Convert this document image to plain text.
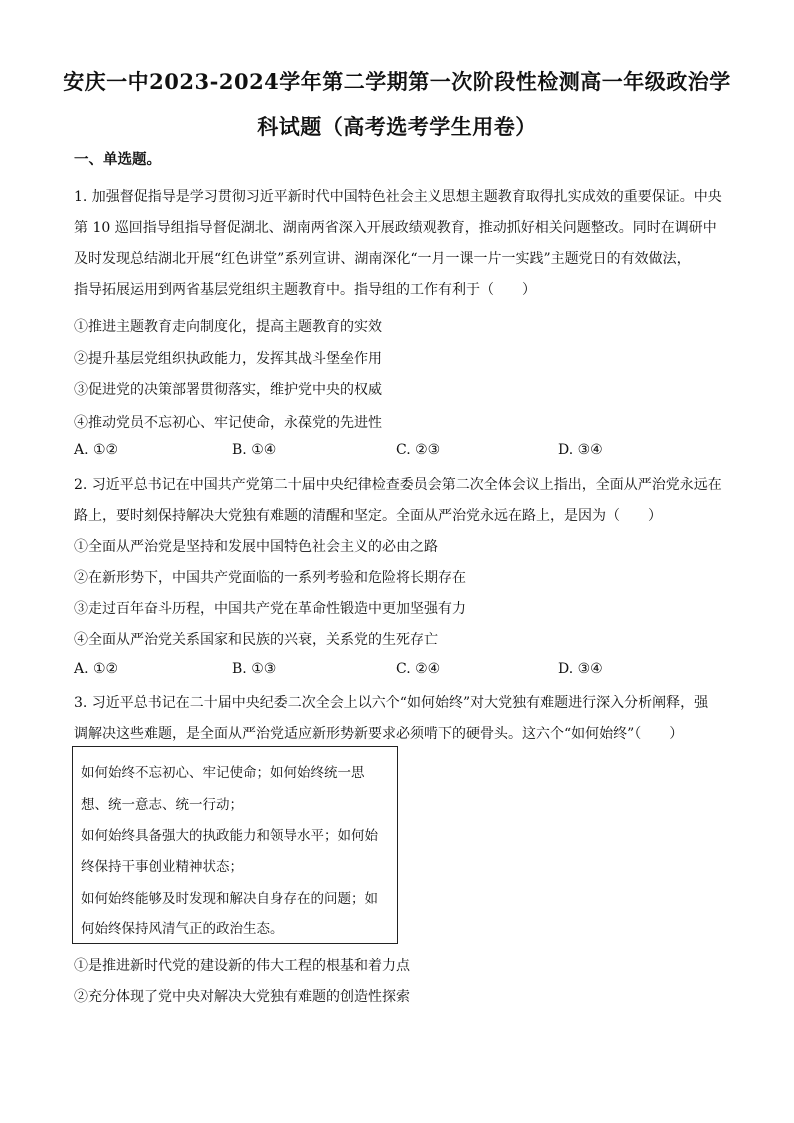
安庆一中2023-2024学年第二学期第一次阶段性检测高一年级政治学
科试题（高考选考学生用卷）
一、单选题。
1. 加强督促指导是学习贯彻习近平新时代中国特色社会主义思想主题教育取得扎实成效的重要保证。中央
第 10 巡回指导组指导督促湖北、湖南两省深入开展政绩观教育，推动抓好相关问题整改。同时在调研中
及时发现总结湖北开展“红色讲堂”系列宣讲、湖南深化“一月一课一片一实践”主题党日的有效做法，
指导拓展运用到两省基层党组织主题教育中。指导组的工作有利于（　　）
①推进主题教育走向制度化，提高主题教育的实效
②提升基层党组织执政能力，发挥其战斗堡垒作用
③促进党的决策部署贯彻落实，维护党中央的权威
④推动党员不忘初心、牢记使命，永葆党的先进性
A. ①②	B. ①④	C. ②③	D. ③④
2. 习近平总书记在中国共产党第二十届中央纪律检查委员会第二次全体会议上指出，全面从严治党永远在
路上，要时刻保持解决大党独有难题的清醒和坚定。全面从严治党永远在路上，是因为（　　）
①全面从严治党是坚持和发展中国特色社会主义的必由之路
②在新形势下，中国共产党面临的一系列考验和危险将长期存在
③走过百年奋斗历程，中国共产党在革命性锻造中更加坚强有力
④全面从严治党关系国家和民族的兴衰，关系党的生死存亡
A. ①②	B. ①③	C. ②④	D. ③④
3. 习近平总书记在二十届中央纪委二次全会上以六个“如何始终”对大党独有难题进行深入分析阐释，强
调解决这些难题，是全面从严治党适应新形势新要求必须啃下的硬骨头。这六个“如何始终”（　　）
如何始终不忘初心、牢记使命；如何始终统一思
想、统一意志、统一行动；
如何始终具备强大的执政能力和领导水平；如何始
终保持干事创业精神状态；
如何始终能够及时发现和解决自身存在的问题；如
何始终保持风清气正的政治生态。
①是推进新时代党的建设新的伟大工程的根基和着力点
②充分体现了党中央对解决大党独有难题的创造性探索
